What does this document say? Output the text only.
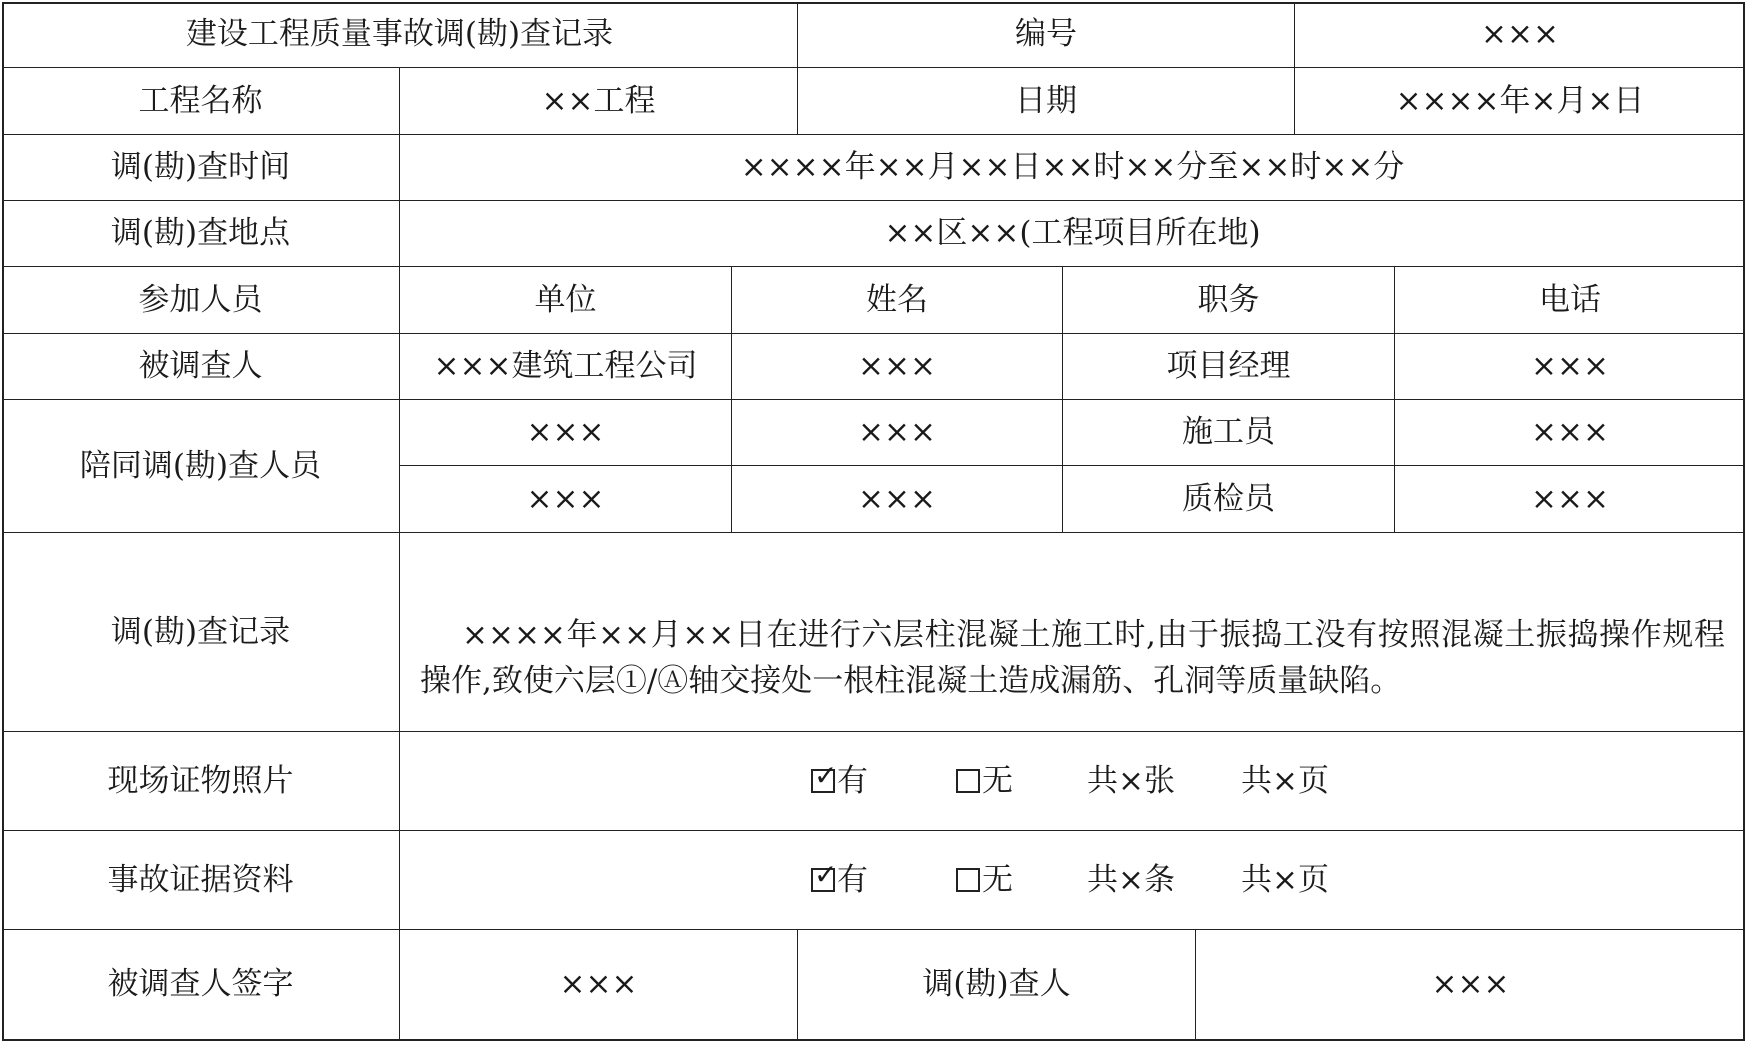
建设工程质量事故调(勘)查记录	编号	×××
工程名称	××工程	日期	××××年×月×日
调(勘)查时间	××××年××月××日××时××分至××时××分
调(勘)查地点	××区××(工程项目所在地)
参加人员	单位	姓名	职务	电话
被调查人	×××建筑工程公司	×××	项目经理	×××
陪同调(勘)查人员
×××	×××	施工员	×××
×××	×××	质检员	×××
调(勘)查记录	××××年××月××日在进行六层柱混凝土施工时,由于振捣工没有按照混凝土振捣操作规程操作,致使六层①/Ⓐ轴交接处一根柱混凝土造成漏筋、孔洞等质量缺陷。
现场证物照片	✓ 有	无 共×张 共×页
事故证据资料	✓ 有	无 共×条 共×页
被调查人签字	×××	调(勘)查人	×××
